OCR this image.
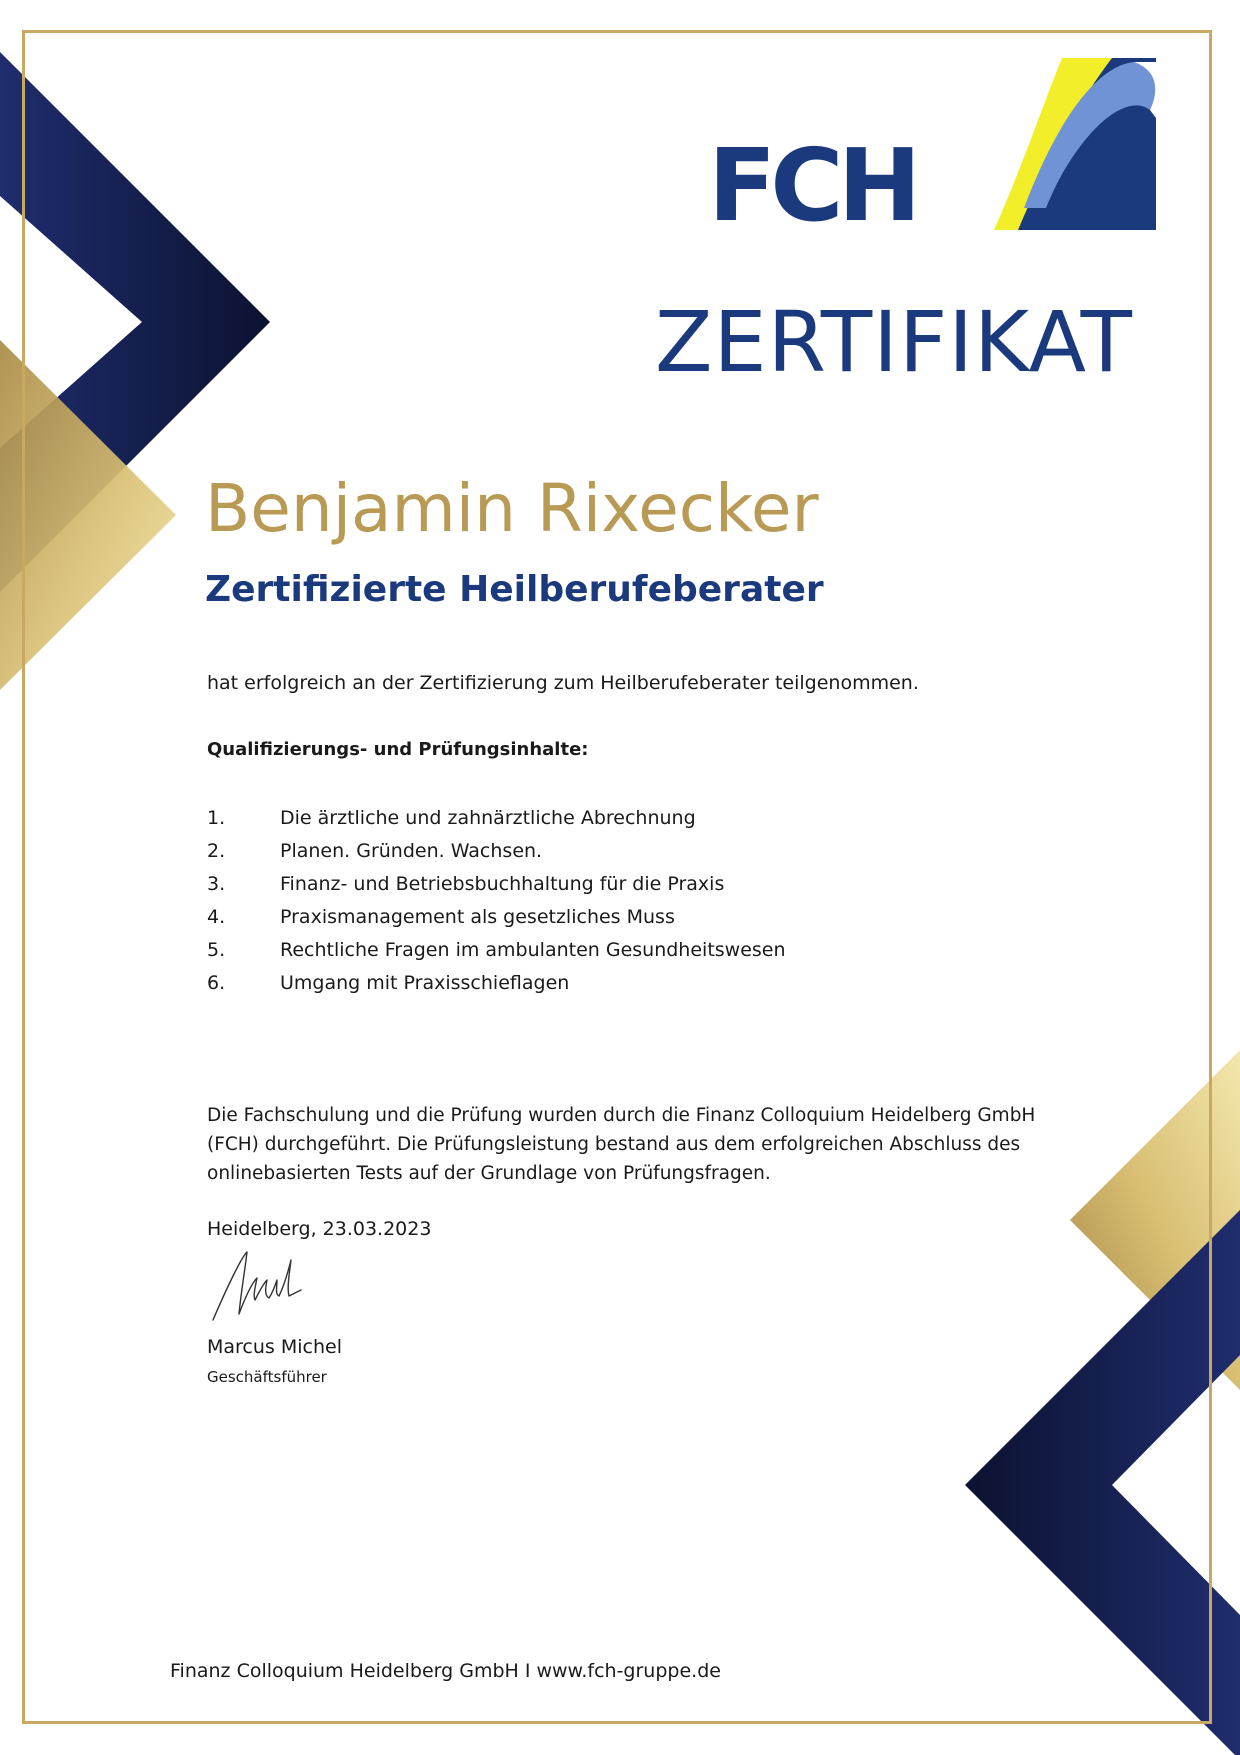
FCH
ZERTIFIKAT
Benjamin Rixecker
Zertifizierte Heilberufeberater
hat erfolgreich an der Zertifizierung zum Heilberufeberater teilgenommen.
Qualifizierungs- und Prüfungsinhalte:
1.	Die ärztliche und zahnärztliche Abrechnung
2.	Planen. Gründen. Wachsen.
3.	Finanz- und Betriebsbuchhaltung für die Praxis
4.	Praxismanagement als gesetzliches Muss
5.	Rechtliche Fragen im ambulanten Gesundheitswesen
6.	Umgang mit Praxisschieflagen
Die Fachschulung und die Prüfung wurden durch die Finanz Colloquium Heidelberg GmbH
(FCH) durchgeführt. Die Prüfungsleistung bestand aus dem erfolgreichen Abschluss des
onlinebasierten Tests auf der Grundlage von Prüfungsfragen.
Heidelberg, 23.03.2023
Marcus Michel
Geschäftsführer
Finanz Colloquium Heidelberg GmbH I www.fch-gruppe.de
